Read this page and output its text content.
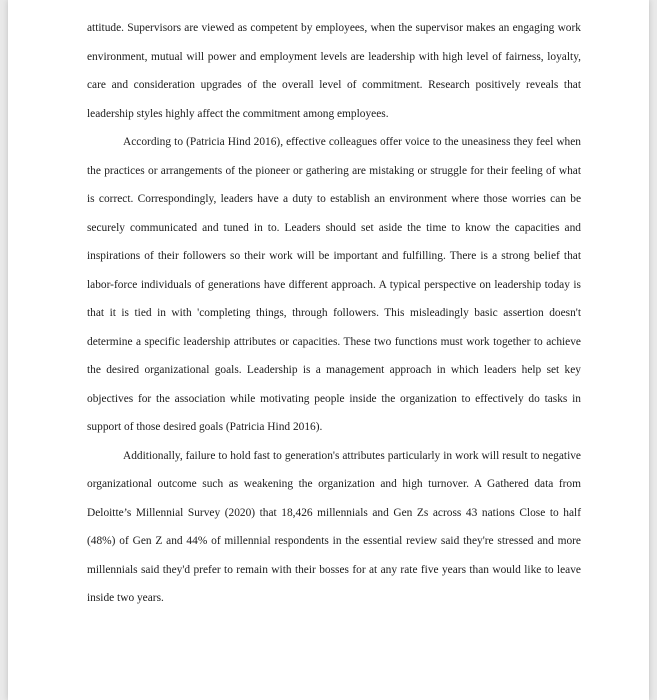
attitude. Supervisors are viewed as competent by employees, when the supervisor makes an engaging work environment, mutual will power and employment levels are leadership with high level of fairness, loyalty, care and consideration upgrades of the overall level of commitment. Research positively reveals that leadership styles highly affect the commitment among employees.

According to (Patricia Hind 2016), effective colleagues offer voice to the uneasiness they feel when the practices or arrangements of the pioneer or gathering are mistaking or struggle for their feeling of what is correct. Correspondingly, leaders have a duty to establish an environment where those worries can be securely communicated and tuned in to. Leaders should set aside the time to know the capacities and inspirations of their followers so their work will be important and fulfilling. There is a strong belief that labor-force individuals of generations have different approach. A typical perspective on leadership today is that it is tied in with 'completing things, through followers. This misleadingly basic assertion doesn't determine a specific leadership attributes or capacities. These two functions must work together to achieve the desired organizational goals. Leadership is a management approach in which leaders help set key objectives for the association while motivating people inside the organization to effectively do tasks in support of those desired goals (Patricia Hind 2016).

Additionally, failure to hold fast to generation's attributes particularly in work will result to negative organizational outcome such as weakening the organization and high turnover. A Gathered data from Deloitte’s Millennial Survey (2020) that 18,426 millennials and Gen Zs across 43 nations Close to half (48%) of Gen Z and 44% of millennial respondents in the essential review said they're stressed and more millennials said they'd prefer to remain with their bosses for at any rate five years than would like to leave inside two years.
